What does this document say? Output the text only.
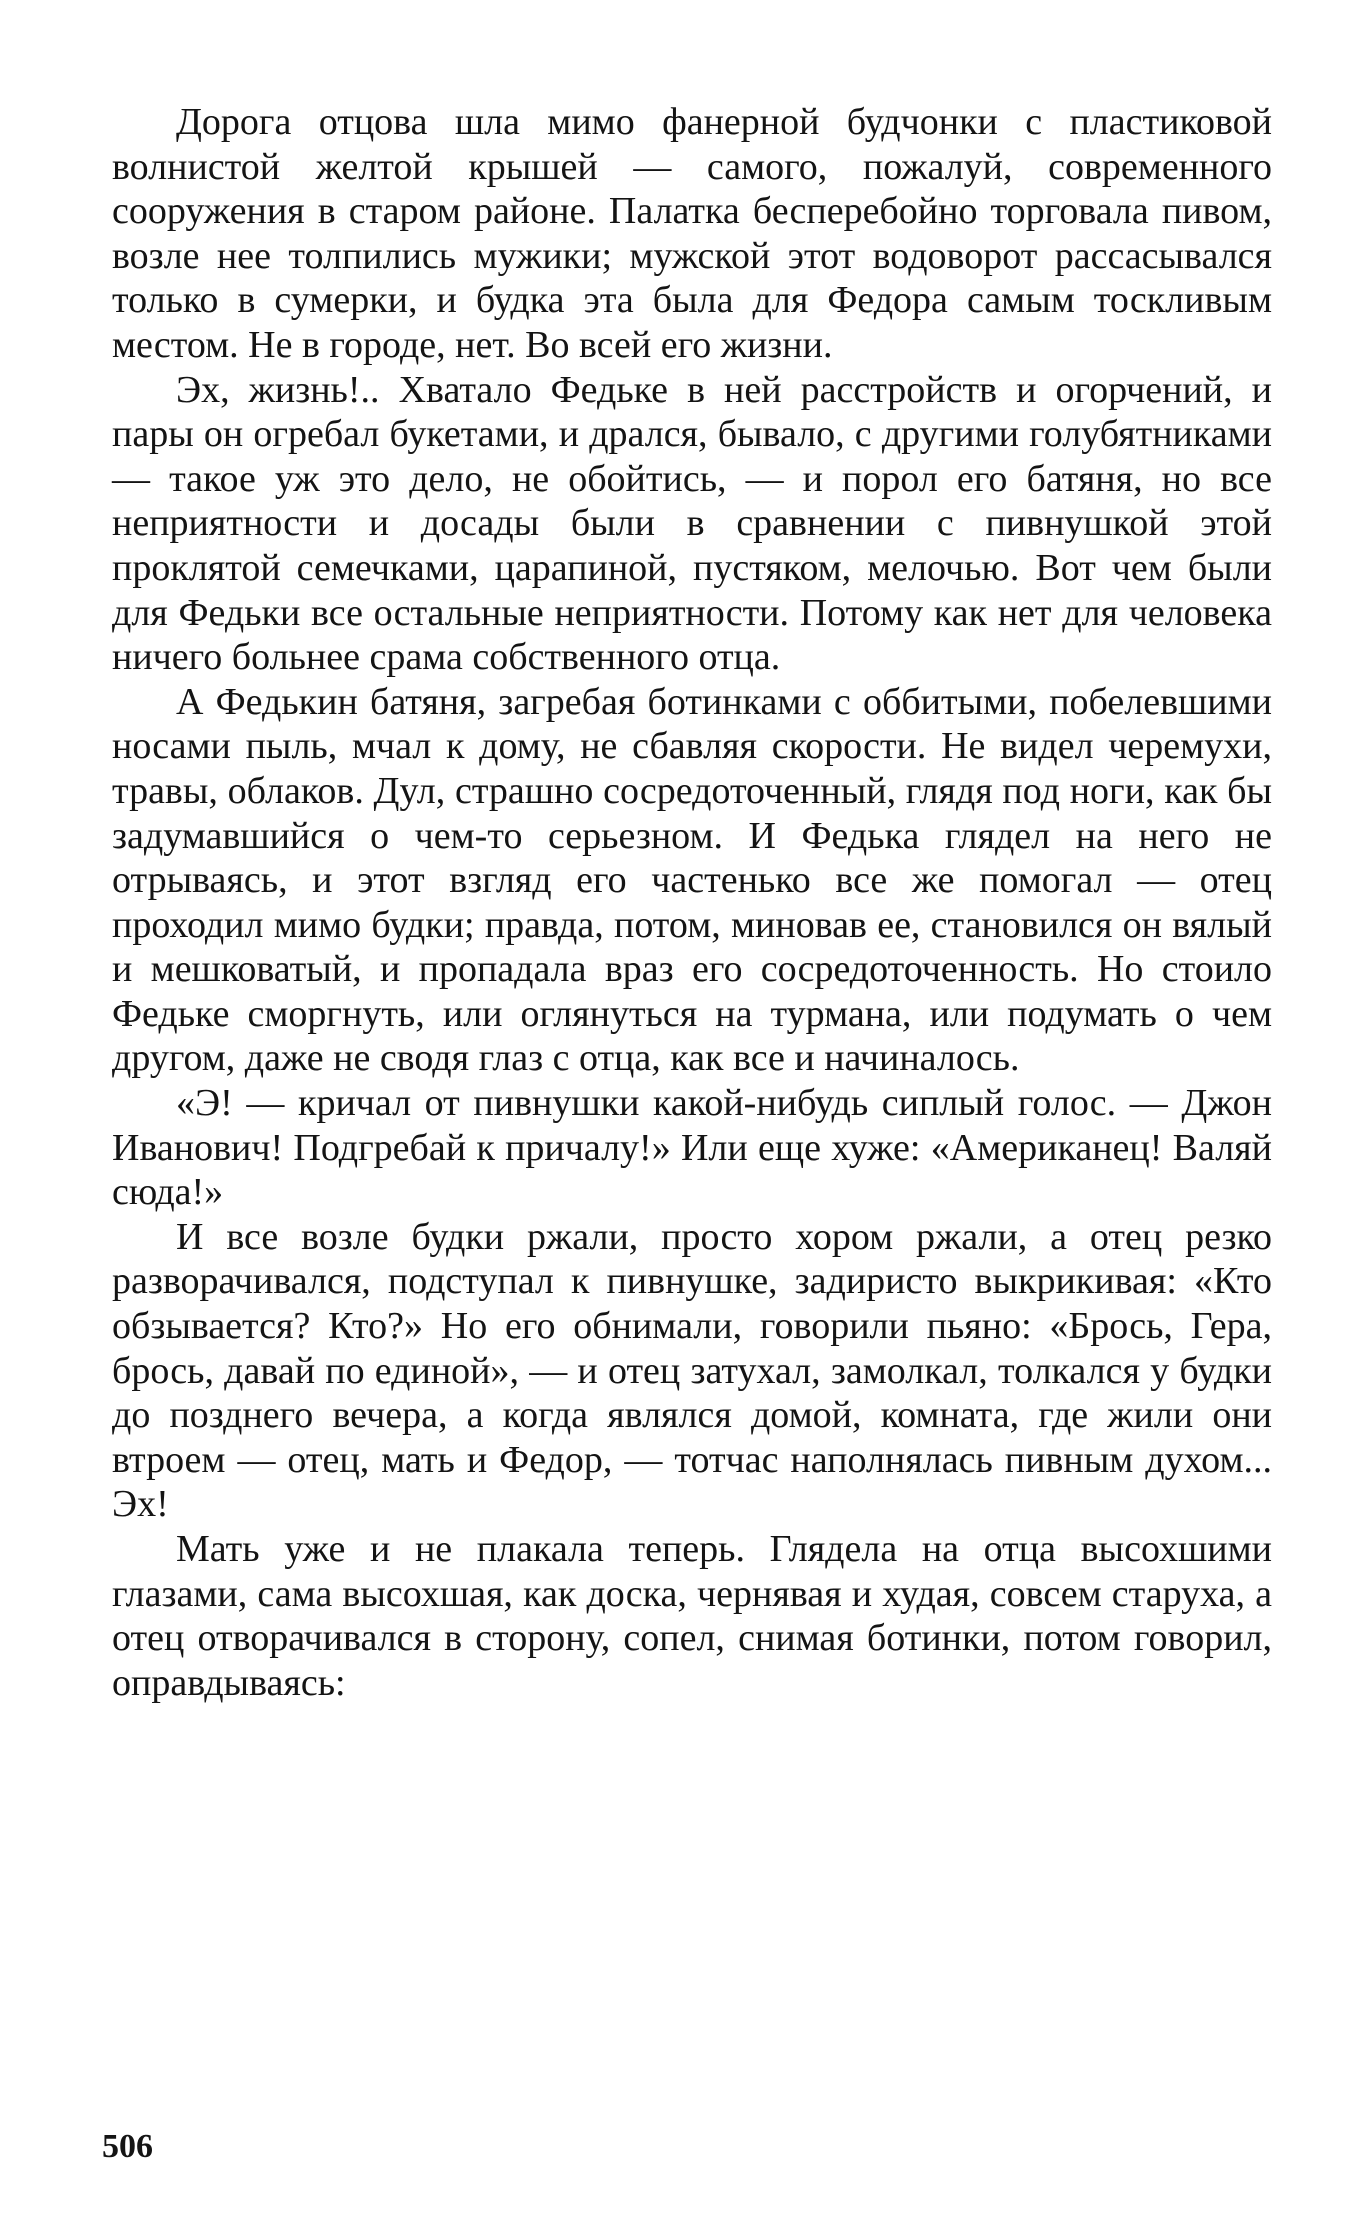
Дорога отцова шла мимо фанерной будчонки с пластиковой волнистой желтой крышей — самого, пожалуй, современного сооружения в старом районе. Палатка бесперебойно торговала пивом, возле нее толпились мужики; мужской этот водоворот рассасывался только в сумерки, и будка эта была для Федора самым тоскливым местом. Не в городе, нет. Во всей его жизни.

Эх, жизнь!.. Хватало Федьке в ней расстройств и огорчений, и пары он огребал букетами, и дрался, бывало, с другими голубятниками — такое уж это дело, не обойтись, — и порол его батяня, но все неприятности и досады были в сравнении с пивнушкой этой проклятой семечками, царапиной, пустяком, мелочью. Вот чем были для Федьки все остальные неприятности. Потому как нет для человека ничего больнее срама собственного отца.

А Федькин батяня, загребая ботинками с оббитыми, побелевшими носами пыль, мчал к дому, не сбавляя скорости. Не видел черемухи, травы, облаков. Дул, страшно сосредоточенный, глядя под ноги, как бы задумавшийся о чем-то серьезном. И Федька глядел на него не отрываясь, и этот взгляд его частенько все же помогал — отец проходил мимо будки; правда, потом, миновав ее, становился он вялый и мешковатый, и пропадала враз его сосредоточенность. Но стоило Федьке сморгнуть, или оглянуться на турмана, или подумать о чем другом, даже не сводя глаз с отца, как все и начиналось.

«Э! — кричал от пивнушки какой-нибудь сиплый голос. — Джон Иванович! Подгребай к причалу!» Или еще хуже: «Американец! Валяй сюда!»

И все возле будки ржали, просто хором ржали, а отец резко разворачивался, подступал к пивнушке, задиристо выкрикивая: «Кто обзывается? Кто?» Но его обнимали, говорили пьяно: «Брось, Гера, брось, давай по единой», — и отец затухал, замолкал, толкался у будки до позднего вечера, а когда являлся домой, комната, где жили они втроем — отец, мать и Федор, — тотчас наполнялась пивным духом... Эх!

Мать уже и не плакала теперь. Глядела на отца высохшими глазами, сама высохшая, как доска, чернявая и худая, совсем старуха, а отец отворачивался в сторону, сопел, снимая ботинки, потом говорил, оправдываясь:

506
